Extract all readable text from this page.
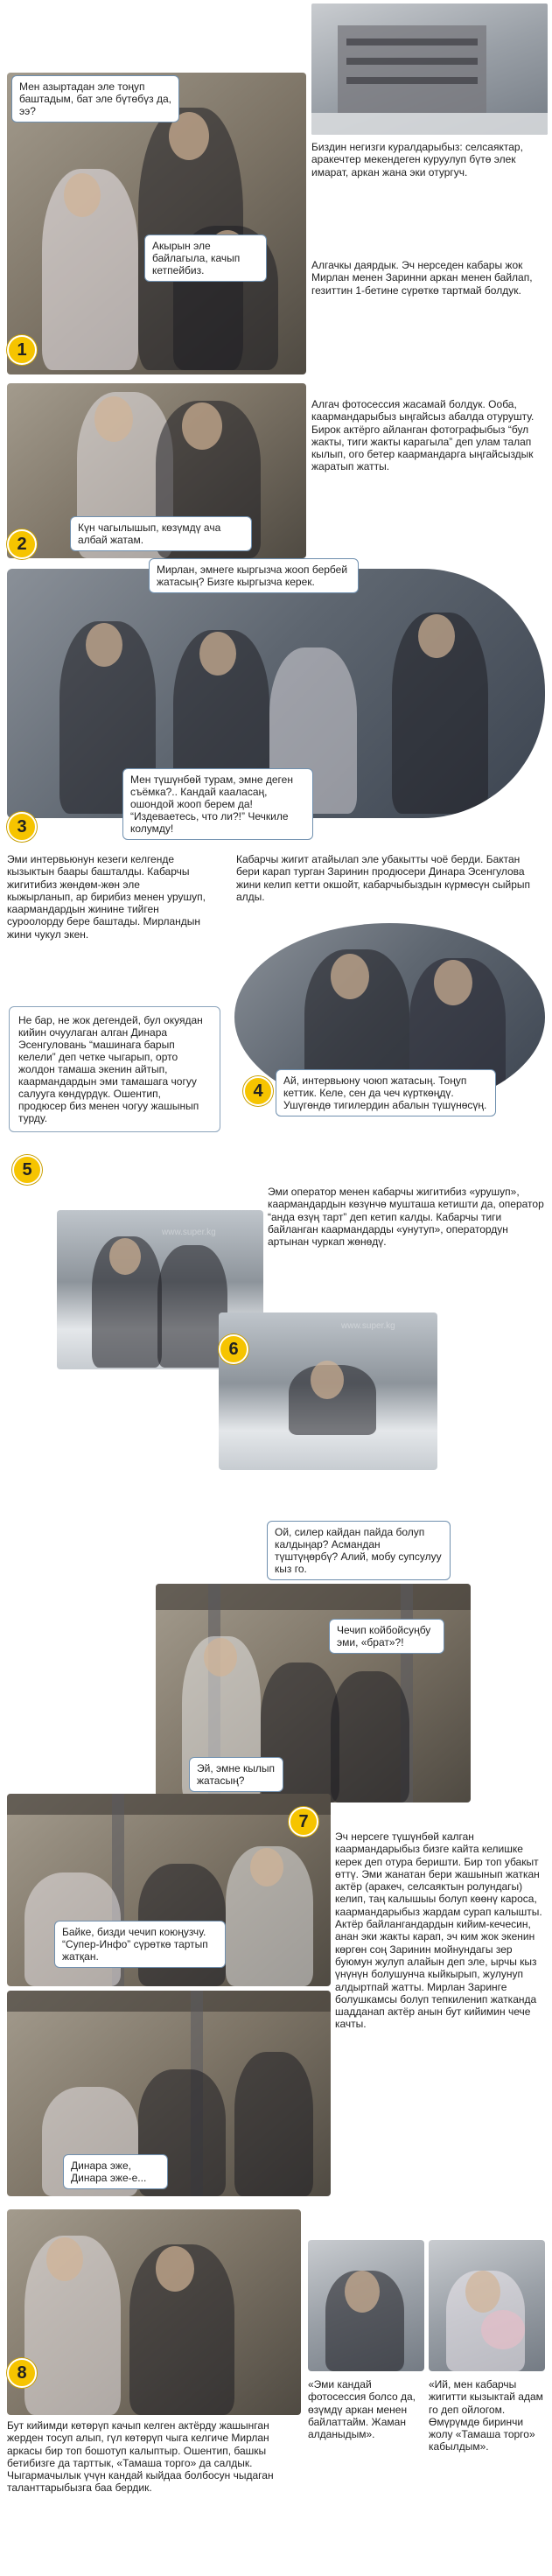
Мен азыртадан эле тоңуп баштадым, бат эле бүтөбүз да, ээ?
Акырын эле байлагыла, качып кетпейбиз.
Биздин негизги куралдарыбыз: селсаяктар, аракечтер мекендеген куруулуп бүтө элек имарат, аркан жана эки отургуч.
Алгачкы даярдык. Эч нерседен кабары жок Мирлан менен Заринни аркан менен байлап, гезиттин 1-бетине сүрөткө тартмай болдук.
1
Күн чагылышып, көзүмдү ача албай жатам.
Алгач фотосессия жасамай болдук. Ооба, каармандарыбыз ыңгайсыз абалда отурушту. Бирок актёрго айланган фотографыбыз “бул жакты, тиги жакты карагыла” деп улам талап кылып, ого бетер каармандарга ыңгайсыздык жаратып жатты.
2
Мирлан, эмнеге кыргызча жооп бербей жатасың? Бизге кыргызча керек.
Мен түшүнбөй турам, эмне деген съёмка?.. Кандай кааласаң, ошондой жооп берем да! “Издеваетесь, что ли?!” Чечкиле колумду!
3
Эми интервьюнун кезеги келгенде кызыктын баары башталды. Кабарчы жигитибиз жөндөм-жөн эле кыжырланып, ар бирибиз менен урушуп, каармандардын жинине тийген суроолорду бере баштады. Мирландын жини чукул экен.
Кабарчы жигит атайылап эле убакытты чоё берди. Бактан бери карап турган Заринин продюсери Динара Эсенгулова жини келип кетти окшойт, кабарчыбыздын күрмөсүн сыйрып алды.
Ай, интервьюну чоюп жатасың. Тоңуп кеттик. Келе, сен да чеч күрткөңдү. Ушүгөндө тигилердин абалын түшүнөсүң.
4
Не бар, не жок дегендей, бул окуядан кийин очуулаган алган Динара Эсенгуловань “машинага барып келели” деп четке чыгарып, орто жолдон тамаша экенин айтып, каармандардын эми тамашага чогуу салууга көндүрдүк. Ошентип, продюсер биз менен чогуу жашынып турду.
5
Эми оператор менен кабарчы жигитибиз «урушуп», каармандардын көзүнчө мушташа кетишти да, оператор “анда өзүң тарт” деп кетип калды. Кабарчы тиги байланган каармандарды «унутуп», оператордун артынан чуркап жөнөдү.
www.super.kg
www.super.kg
6
Ой, силер кайдан пайда болуп калдыңар? Асмандан түштүңөрбү? Алий, мобу супсулуу кыз го.
Чечип койбойсуңбу эми, «брат»?!
Эй, эмне кылып жатасың?
7
Байке, бизди чечип коюңузчу. “Супер-Инфо” сүрөткө тартып жатқан.
Динара эже, Динара эже-е...
Эч нерсеге түшүнбөй калган каармандарыбыз бизге кайта келишке керек деп отура беришти. Бир топ убакыт өттү. Эми жанатан бери жашынып жаткан актёр (аракеч, селсаяктын ролундагы) келип, таң калышыы болуп көөнү кароса, каармандарыбыз жардам сурап калышты. Актёр байлангандардын кийим-кечесин, анан эки жакты карап, эч ким жок экенин көргөн соң Заринин мойнундагы зер буюмун жулуп алайын деп эле, ырчы кыз үнүнүн болушунча кыйкырып, жулунуп алдыртпай жатты. Мирлан Заринге болушкамсы болуп тепкиленип жатканда шадданап актёр анын бут кийимин чече качты.
8
Бут кийимди көтөрүп качып келген актёрду жашынган жерден тосуп алып, гүл көтөрүп чыга келгиче Мирлан аркасы бир топ бошотуп калыптыр. Ошентип, башкы бетибизге да тарттык, «Тамаша торго» да салдык. Чыгармачылык үчүн кандай кыйдаа болбосун чыдаган таланттарыбызга баа бердик.
«Эми кандай фотосессия болсо да, өзүмдү аркан менен байлаттайм. Жаман алданыдым».
«Ий, мен кабарчы жигитти кызыктай адам го деп ойлогом. Өмүрүмдө биринчи жолу «Тамаша торго» кабылдым».
